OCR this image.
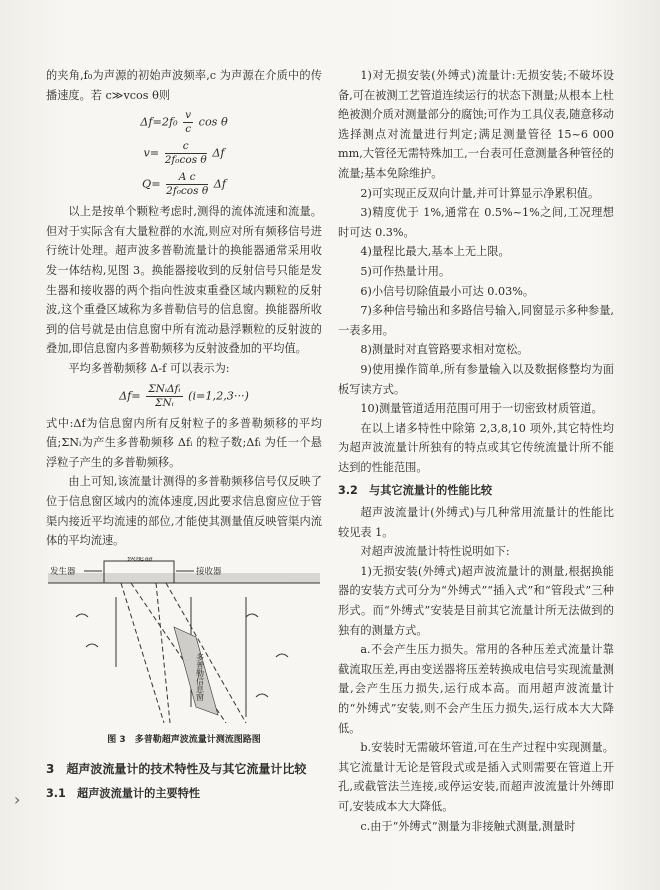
›

的夹角,f₀为声源的初始声波频率,c 为声源在介质中的传播速度。若 c≫vcos θ则

$\Delta f=2f_0 \frac{v}{c}$ cos θ
$v= \frac{c}{\text{2f₀cos θ}}$ Δf
$Q= \frac{\text{A c}}{\text{2f₀cos θ}}$ Δf

以上是按单个颗粒考虑时,测得的流体流速和流量。但对于实际含有大量粒群的水流,则应对所有频移信号进行统计处理。超声波多普勒流量计的换能器通常采用收发一体结构,见图 3。换能器接收到的反射信号只能是发生器和接收器的两个指向性波束重叠区域内颗粒的反射波,这个重叠区域称为多普勒信号的信息窗。换能器所收到的信号就是由信息窗中所有流动悬浮颗粒的反射波的叠加,即信息窗内多普勒频移为反射波叠加的平均值。

平均多普勒频移 Δ-f 可以表示为:

$\Delta f= \frac{\text{ΣNᵢΔfᵢ}}{\text{ΣNᵢ}} (i=1,2,3\cdot\cdot\cdot)$

式中:Δf为信息窗内所有反射粒子的多普勒频移的平均值;ΣNᵢ为产生多普勒频移 Δfᵢ 的粒子数;Δfᵢ 为任一个悬浮粒子产生的多普勒频移。

由上可知,该流量计测得的多普勒频移信号仅反映了位于信息窗区域内的流体速度,因此要求信息窗应位于管渠内接近平均流速的部位,才能使其测量值反映管渠内流体的平均流速。

换能器
发生器	接收器
多普勒信息窗
图 3　多普勒超声波流量计测流图路图
3　超声波流量计的技术特性及与其它流量计比较
3.1　超声波流量计的主要特性

1)对无损安装(外缚式)流量计:无损安装;不破坏设备,可在被测工艺管道连续运行的状态下测量;从根本上杜绝被测介质对测量部分的腐蚀;可作为工具仪表,随意移动选择测点对流量进行判定;满足测量管径 15~6 000 mm,大管径无需特殊加工,一台表可任意测量各种管径的流量;基本免除维护。

2)可实现正反双向计量,并可计算显示净累积值。

3)精度优于 1%,通常在 0.5%~1%之间,工况理想时可达 0.3%。

4)量程比最大,基本上无上限。

5)可作热量计用。

6)小信号切除值最小可达 0.03%。

7)多种信号输出和多路信号输入,同窗显示多种参量,一表多用。

8)测量时对直管路要求相对宽松。

9)使用操作简单,所有参量输入以及数据修整均为面板写读方式。

10)测量管道适用范围可用于一切密致材质管道。

在以上诸多特性中除第 2,3,8,10 项外,其它特性均为超声波流量计所独有的特点或其它传统流量计所不能达到的性能范围。

3.2　与其它流量计的性能比较

超声波流量计(外缚式)与几种常用流量计的性能比较见表 1。

对超声波流量计特性说明如下:

1)无损安装(外缚式)超声波流量计的测量,根据换能器的安装方式可分为“外缚式”“插入式”和“管段式”三种形式。而“外缚式”安装是目前其它流量计所无法做到的独有的测量方式。

a.不会产生压力损失。常用的各种压差式流量计靠截流取压差,再由变送器将压差转换成电信号实现流量测量,会产生压力损失,运行成本高。而用超声波流量计的“外缚式”安装,则不会产生压力损失,运行成本大大降低。

b.安装时无需破坏管道,可在生产过程中实现测量。其它流量计无论是管段式或是插入式则需要在管道上开孔,或截管法兰连接,或停运安装,而超声波流量计外缚即可,安装成本大大降低。

c.由于“外缚式”测量为非接触式测量,测量时
